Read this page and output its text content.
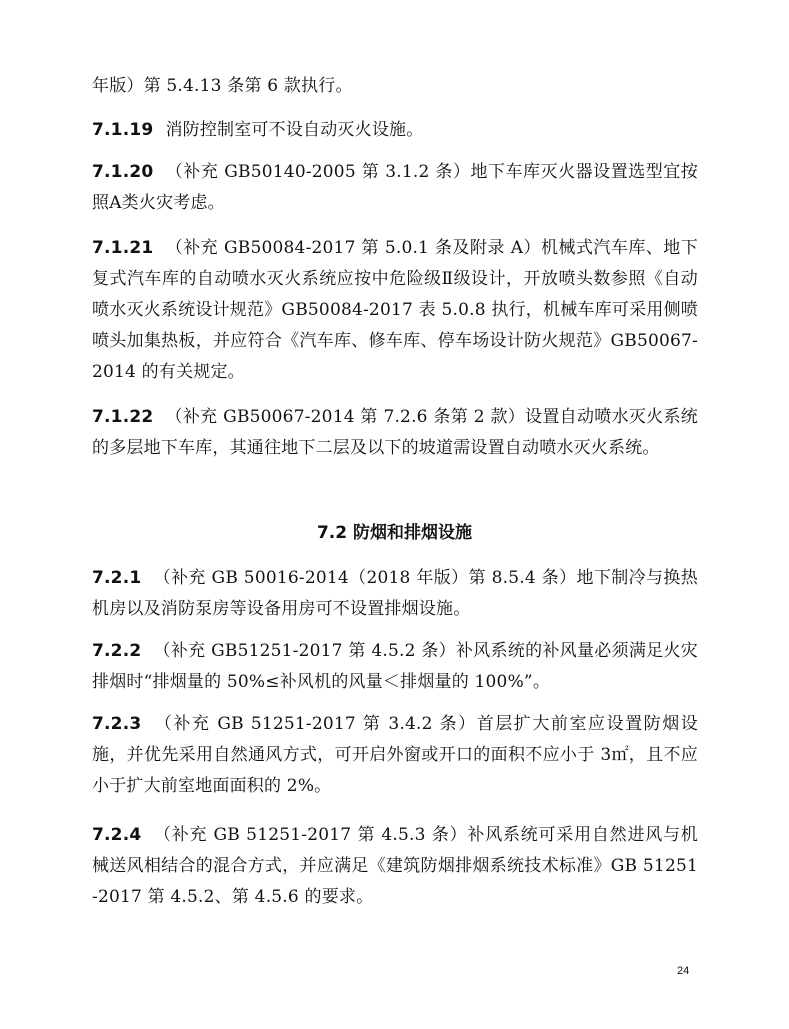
年版）第 5.4.13 条第 6 款执行。
7.1.19 消防控制室可不设自动灭火设施。
7.1.20 （补充 GB50140-2005 第 3.1.2 条）地下车库灭火器设置选型宜按照A类火灾考虑。
7.1.21 （补充 GB50084-2017 第 5.0.1 条及附录 A）机械式汽车库、地下复式汽车库的自动喷水灭火系统应按中危险级Ⅱ级设计，开放喷头数参照《自动喷水灭火系统设计规范》GB50084-2017 表 5.0.8 执行，机械车库可采用侧喷喷头加集热板，并应符合《汽车库、修车库、停车场设计防火规范》GB50067-2014 的有关规定。
7.1.22 （补充 GB50067-2014 第 7.2.6 条第 2 款）设置自动喷水灭火系统的多层地下车库，其通往地下二层及以下的坡道需设置自动喷水灭火系统。
7.2 防烟和排烟设施
7.2.1 （补充 GB 50016-2014（2018 年版）第 8.5.4 条）地下制冷与换热机房以及消防泵房等设备用房可不设置排烟设施。
7.2.2 （补充 GB51251-2017 第 4.5.2 条）补风系统的补风量必须满足火灾排烟时“排烟量的 50%≤补风机的风量＜排烟量的 100%”。
7.2.3 （补充 GB 51251-2017 第 3.4.2 条）首层扩大前室应设置防烟设施，并优先采用自然通风方式，可开启外窗或开口的面积不应小于 3㎡，且不应小于扩大前室地面面积的 2%。
7.2.4 （补充 GB 51251-2017 第 4.5.3 条）补风系统可采用自然进风与机械送风相结合的混合方式，并应满足《建筑防烟排烟系统技术标准》GB 51251-2017 第 4.5.2、第 4.5.6 的要求。
24
